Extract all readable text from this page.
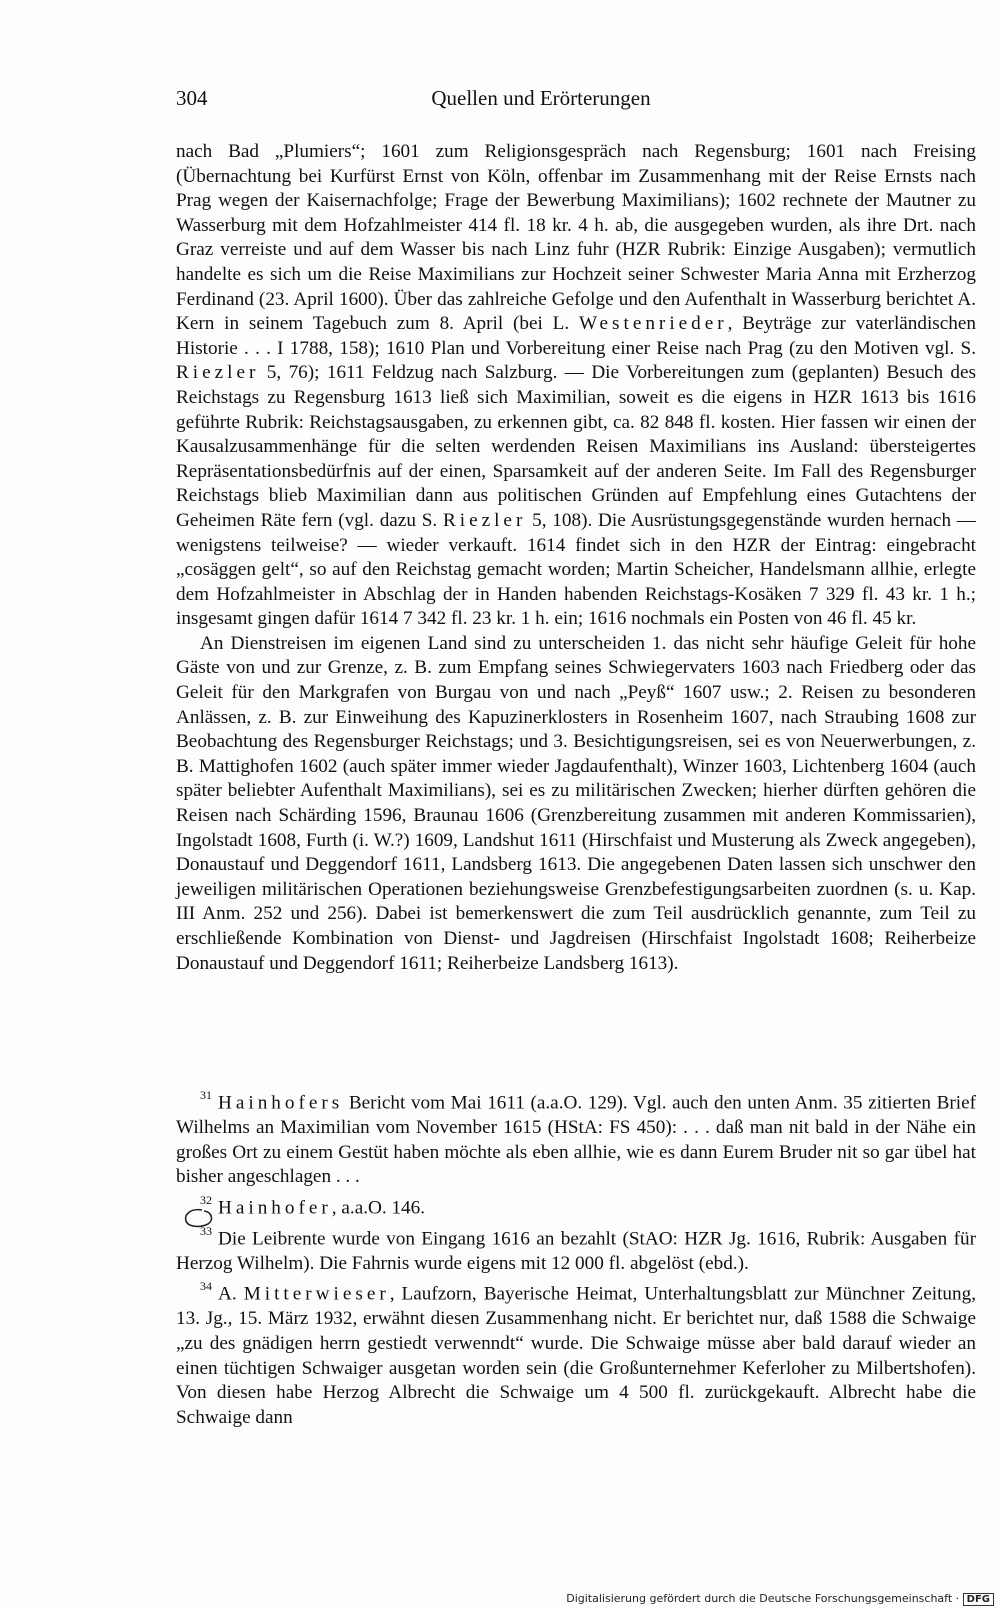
304	Quellen und Erörterungen

nach Bad „Plumiers“; 1601 zum Religionsgespräch nach Regensburg; 1601 nach Freising (Übernachtung bei Kurfürst Ernst von Köln, offenbar im Zusammenhang mit der Reise Ernsts nach Prag wegen der Kaisernachfolge; Frage der Bewerbung Maximilians); 1602 rechnete der Mautner zu Wasserburg mit dem Hofzahlmeister 414 fl. 18 kr. 4 h. ab, die ausgegeben wurden, als ihre Drt. nach Graz verreiste und auf dem Wasser bis nach Linz fuhr (HZR Rubrik: Einzige Ausgaben); vermutlich handelte es sich um die Reise Maximilians zur Hochzeit seiner Schwester Maria Anna mit Erzherzog Ferdinand (23. April 1600). Über das zahlreiche Gefolge und den Aufenthalt in Wasserburg berichtet A. Kern in seinem Tagebuch zum 8. April (bei L. Westenrieder, Beyträge zur vaterländischen Historie . . . I 1788, 158); 1610 Plan und Vorbereitung einer Reise nach Prag (zu den Motiven vgl. S. Riezler 5, 76); 1611 Feldzug nach Salzburg. — Die Vorbereitungen zum (geplanten) Besuch des Reichstags zu Regensburg 1613 ließ sich Maximilian, soweit es die eigens in HZR 1613 bis 1616 geführte Rubrik: Reichstagsausgaben, zu erkennen gibt, ca. 82 848 fl. kosten. Hier fassen wir einen der Kausalzusammenhänge für die selten werdenden Reisen Maximilians ins Ausland: übersteigertes Repräsentationsbedürfnis auf der einen, Sparsamkeit auf der anderen Seite. Im Fall des Regensburger Reichstags blieb Maximilian dann aus politischen Gründen auf Empfehlung eines Gutachtens der Geheimen Räte fern (vgl. dazu S. Riezler 5, 108). Die Ausrüstungsgegenstände wurden hernach — wenigstens teilweise? — wieder verkauft. 1614 findet sich in den HZR der Eintrag: eingebracht „cosäggen gelt“, so auf den Reichstag gemacht worden; Martin Scheicher, Handelsmann allhie, erlegte dem Hofzahlmeister in Abschlag der in Handen habenden Reichstags-Kosäken 7 329 fl. 43 kr. 1 h.; insgesamt gingen dafür 1614 7 342 fl. 23 kr. 1 h. ein; 1616 nochmals ein Posten von 46 fl. 45 kr.

An Dienstreisen im eigenen Land sind zu unterscheiden 1. das nicht sehr häufige Geleit für hohe Gäste von und zur Grenze, z. B. zum Empfang seines Schwiegervaters 1603 nach Friedberg oder das Geleit für den Markgrafen von Burgau von und nach „Peyß“ 1607 usw.; 2. Reisen zu besonderen Anlässen, z. B. zur Einweihung des Kapuzinerklosters in Rosenheim 1607, nach Straubing 1608 zur Beobachtung des Regensburger Reichstags; und 3. Besichtigungsreisen, sei es von Neuerwerbungen, z. B. Mattighofen 1602 (auch später immer wieder Jagdaufenthalt), Winzer 1603, Lichtenberg 1604 (auch später beliebter Aufenthalt Maximilians), sei es zu militärischen Zwecken; hierher dürften gehören die Reisen nach Schärding 1596, Braunau 1606 (Grenzbereitung zusammen mit anderen Kommissarien), Ingolstadt 1608, Furth (i. W.?) 1609, Landshut 1611 (Hirschfaist und Musterung als Zweck angegeben), Donaustauf und Deggendorf 1611, Landsberg 1613. Die angegebenen Daten lassen sich unschwer den jeweiligen militärischen Operationen beziehungsweise Grenzbefestigungsarbeiten zuordnen (s. u. Kap. III Anm. 252 und 256). Dabei ist bemerkenswert die zum Teil ausdrücklich genannte, zum Teil zu erschließende Kombination von Dienst- und Jagdreisen (Hirschfaist Ingolstadt 1608; Reiherbeize Donaustauf und Deggendorf 1611; Reiherbeize Landsberg 1613).

$^{31}$ Hainhofers Bericht vom Mai 1611 (a.a.O. 129). Vgl. auch den unten Anm. 35 zitierten Brief Wilhelms an Maximilian vom November 1615 (HStA: FS 450): . . . daß man nit bald in der Nähe ein großes Ort zu einem Gestüt haben möchte als eben allhie, wie es dann Eurem Bruder nit so gar übel hat bisher angeschlagen . . .

$^{32}$ Hainhofer, a.a.O. 146.

$^{33}$ Die Leibrente wurde von Eingang 1616 an bezahlt (StAO: HZR Jg. 1616, Rubrik: Ausgaben für Herzog Wilhelm). Die Fahrnis wurde eigens mit 12 000 fl. abgelöst (ebd.).

$^{34}$ A. Mitterwieser, Laufzorn, Bayerische Heimat, Unterhaltungsblatt zur Münchner Zeitung, 13. Jg., 15. März 1932, erwähnt diesen Zusammenhang nicht. Er berichtet nur, daß 1588 die Schwaige „zu des gnädigen herrn gestiedt verwenndt“ wurde. Die Schwaige müsse aber bald darauf wieder an einen tüchtigen Schwaiger ausgetan worden sein (die Großunternehmer Keferloher zu Milbertshofen). Von diesen habe Herzog Albrecht die Schwaige um 4 500 fl. zurückgekauft. Albrecht habe die Schwaige dann

Digitalisierung gefördert durch die Deutsche Forschungsgemeinschaft · DFG
